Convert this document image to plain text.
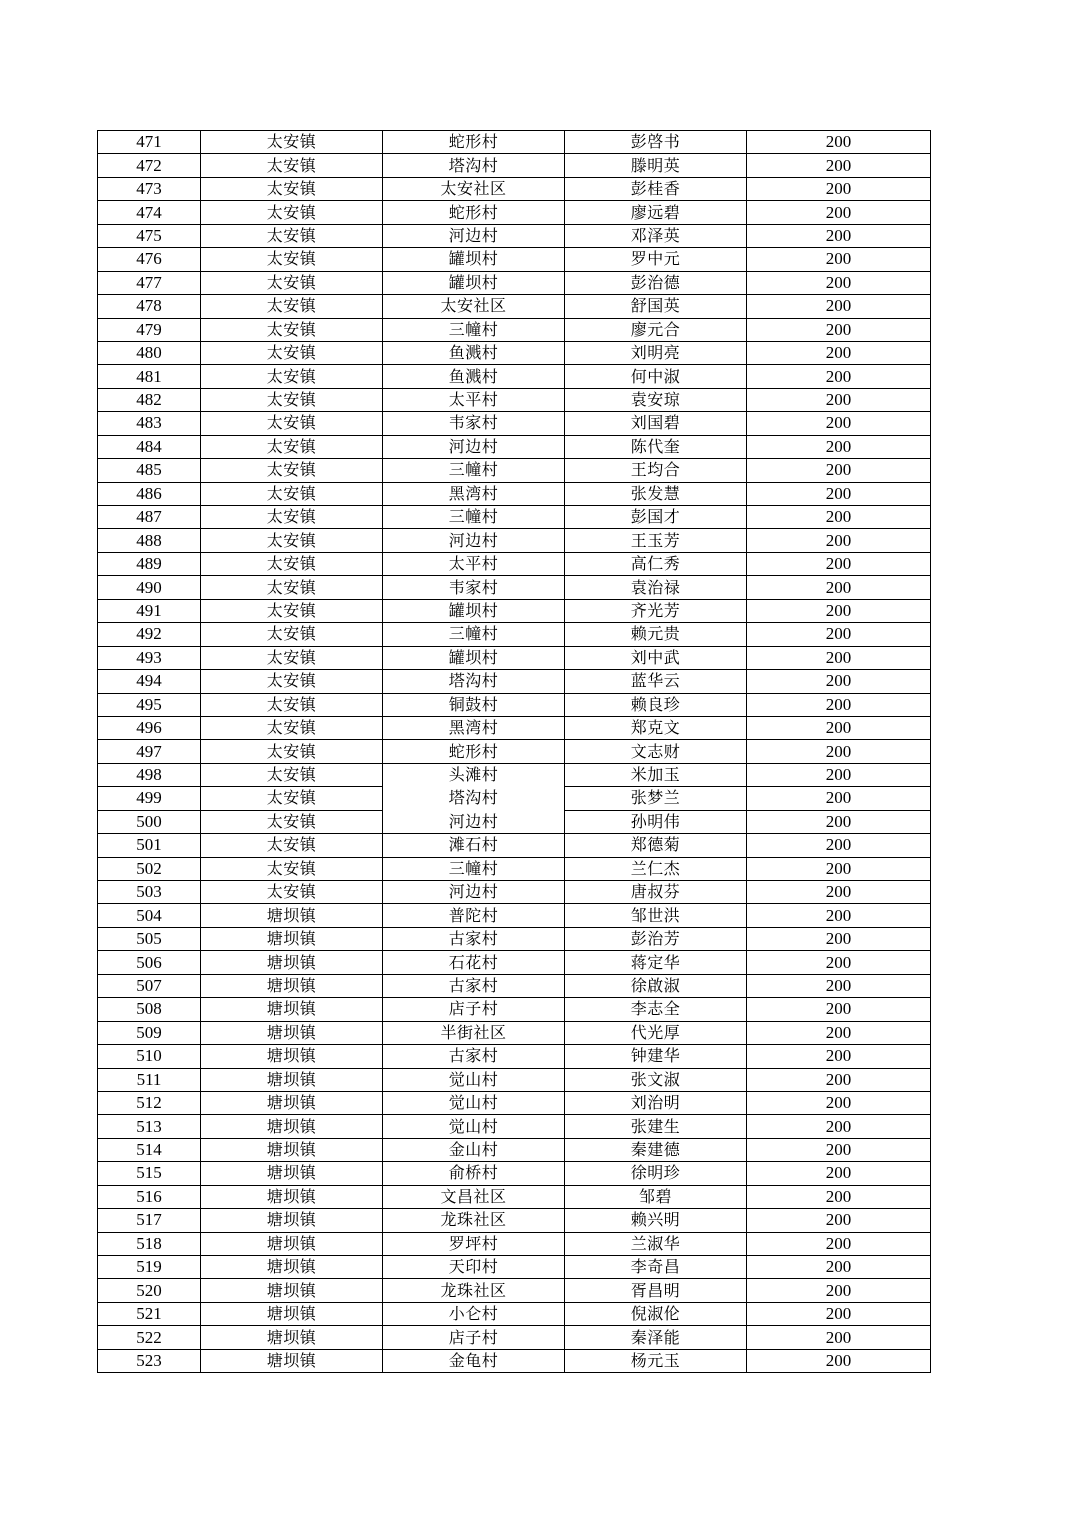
471	太安镇	蛇形村	彭啓书	200
472	太安镇	塔沟村	滕明英	200
473	太安镇	太安社区	彭桂香	200
474	太安镇	蛇形村	廖远碧	200
475	太安镇	河边村	邓泽英	200
476	太安镇	罐坝村	罗中元	200
477	太安镇	罐坝村	彭治德	200
478	太安镇	太安社区	舒国英	200
479	太安镇	三幢村	廖元合	200
480	太安镇	鱼溅村	刘明亮	200
481	太安镇	鱼溅村	何中淑	200
482	太安镇	太平村	袁安琼	200
483	太安镇	韦家村	刘国碧	200
484	太安镇	河边村	陈代奎	200
485	太安镇	三幢村	王均合	200
486	太安镇	黑湾村	张发慧	200
487	太安镇	三幢村	彭国才	200
488	太安镇	河边村	王玉芳	200
489	太安镇	太平村	高仁秀	200
490	太安镇	韦家村	袁治禄	200
491	太安镇	罐坝村	齐光芳	200
492	太安镇	三幢村	赖元贵	200
493	太安镇	罐坝村	刘中武	200
494	太安镇	塔沟村	蓝华云	200
495	太安镇	铜鼓村	赖良珍	200
496	太安镇	黑湾村	郑克文	200
497	太安镇	蛇形村	文志财	200
498	太安镇	头滩村	米加玉	200
499	太安镇	塔沟村	张梦兰	200
500	太安镇	河边村	孙明伟	200
501	太安镇	滩石村	郑德菊	200
502	太安镇	三幢村	兰仁杰	200
503	太安镇	河边村	唐叔芬	200
504	塘坝镇	普陀村	邹世洪	200
505	塘坝镇	古家村	彭治芳	200
506	塘坝镇	石花村	蒋定华	200
507	塘坝镇	古家村	徐啟淑	200
508	塘坝镇	店子村	李志全	200
509	塘坝镇	半街社区	代光厚	200
510	塘坝镇	古家村	钟建华	200
511	塘坝镇	觉山村	张文淑	200
512	塘坝镇	觉山村	刘治明	200
513	塘坝镇	觉山村	张建生	200
514	塘坝镇	金山村	秦建德	200
515	塘坝镇	俞桥村	徐明珍	200
516	塘坝镇	文昌社区	邹碧	200
517	塘坝镇	龙珠社区	赖兴明	200
518	塘坝镇	罗坪村	兰淑华	200
519	塘坝镇	天印村	李奇昌	200
520	塘坝镇	龙珠社区	胥昌明	200
521	塘坝镇	小仑村	倪淑伦	200
522	塘坝镇	店子村	秦泽能	200
523	塘坝镇	金龟村	杨元玉	200
